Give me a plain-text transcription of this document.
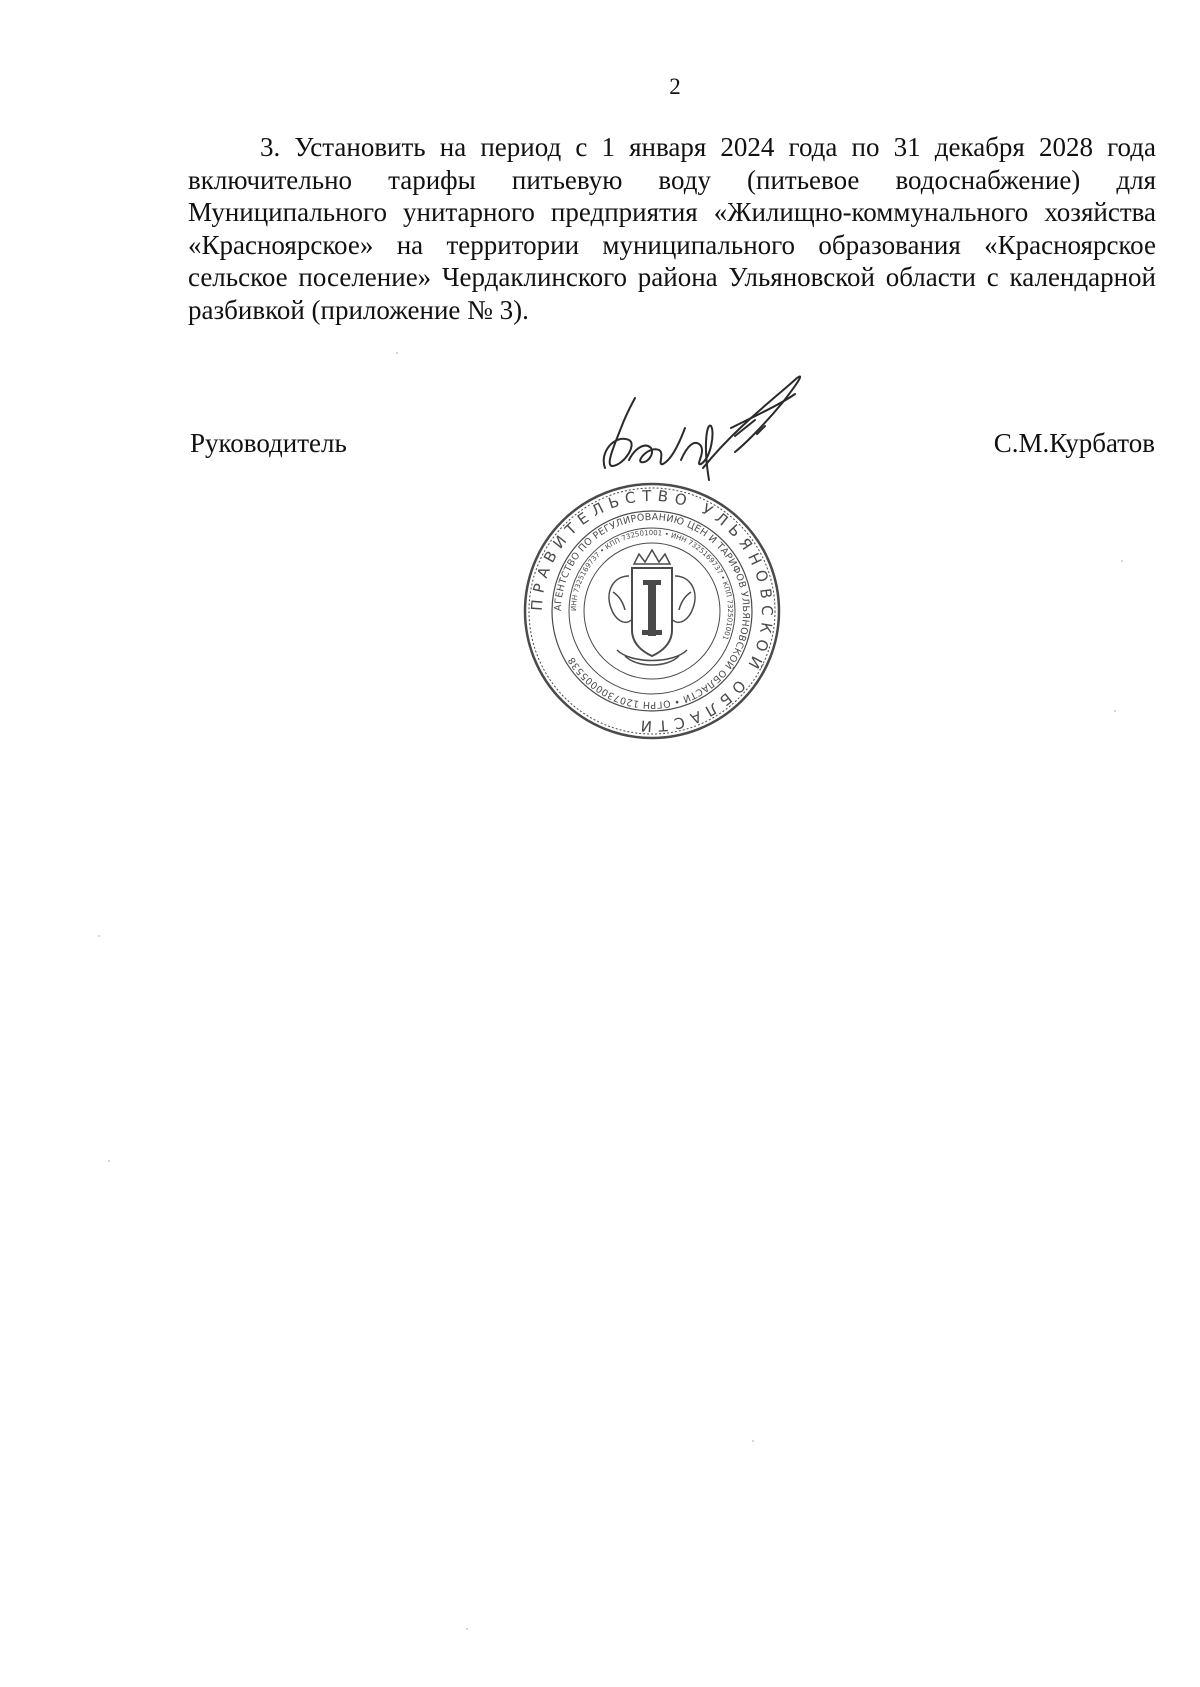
2

3. Установить на период с 1 января 2024 года по 31 декабря 2028 года включительно тарифы питьевую воду (питьевое водоснабжение) для Муниципального унитарного предприятия «Жилищно-коммунального хозяйства «Красноярское» на территории муниципального образования «Красноярское сельское поселение» Чердаклинского района Ульяновской области с календарной разбивкой (приложение № 3).

Руководитель	С.М.Курбатов
ПРАВИТЕЛЬСТВО УЛЬЯНОВСКОЙ ОБЛАСТИ
АГЕНТСТВО ПО РЕГУЛИРОВАНИЮ ЦЕН И ТАРИФОВ УЛЬЯНОВСКОЙ ОБЛАСТИ • ОГРН 1207300005538
ИНН 7325169737 • КПП 732501001 • ИНН 7325169737 • КПП 732501001
